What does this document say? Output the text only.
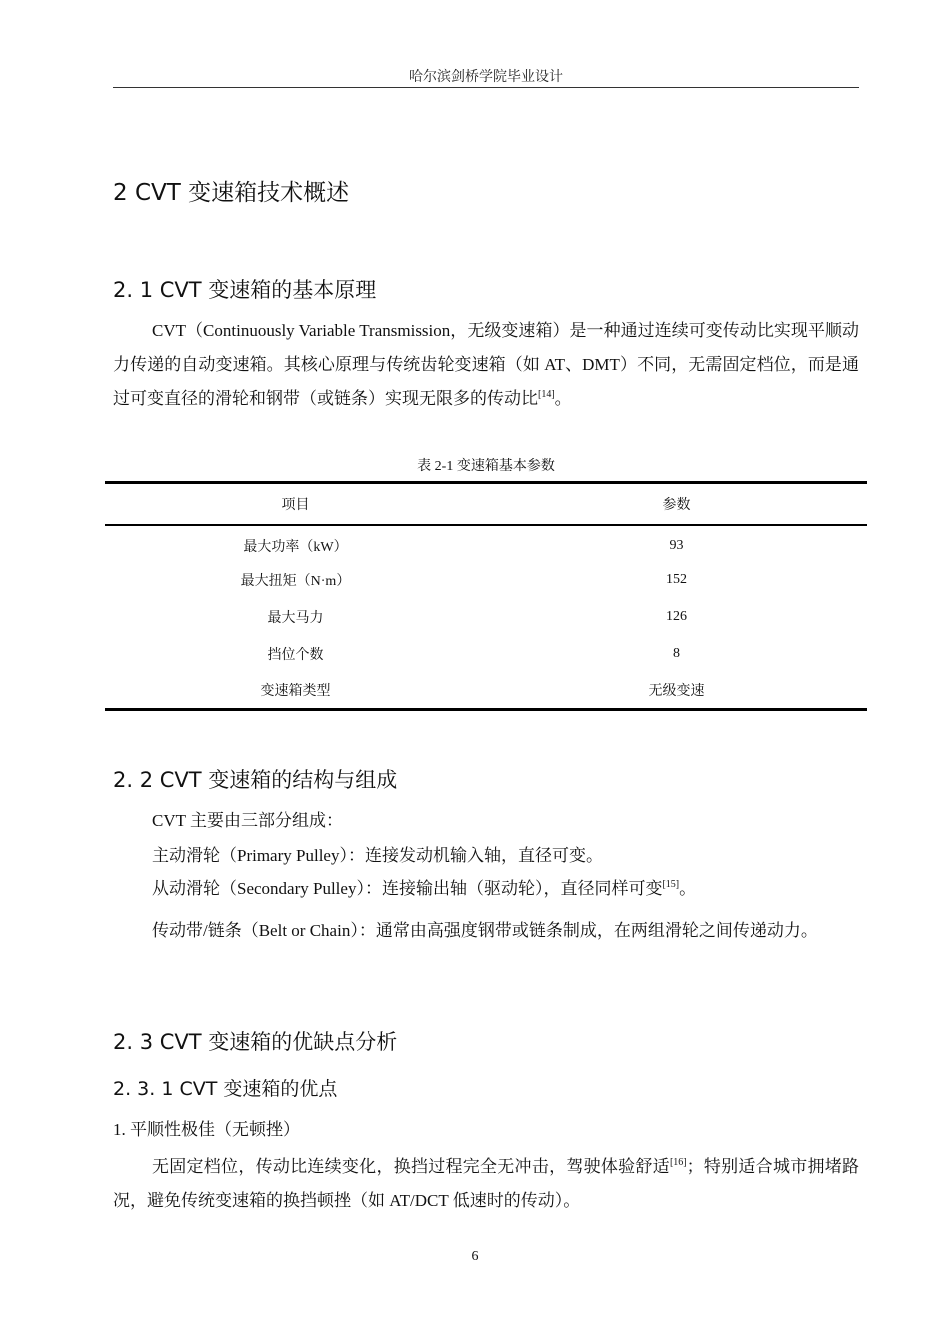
哈尔滨剑桥学院毕业设计
2 CVT 变速箱技术概述
2. 1 CVT 变速箱的基本原理

CVT（Continuously Variable Transmission，无级变速箱）是一种通过连续可变传动比实现平顺动力传递的自动变速箱。其核心原理与传统齿轮变速箱（如 AT、DMT）不同，无需固定档位，而是通过可变直径的滑轮和钢带（或链条）实现无限多的传动比[14]。

表 2-1 变速箱基本参数
项目	参数
最大功率（kW）	93
最大扭矩（N·m）	152
最大马力	126
挡位个数	8
变速箱类型	无级变速
2. 2 CVT 变速箱的结构与组成

CVT 主要由三部分组成：

主动滑轮（Primary Pulley）：连接发动机输入轴，直径可变。

从动滑轮（Secondary Pulley）：连接输出轴（驱动轮），直径同样可变[15]。

传动带/链条（Belt or Chain）：通常由高强度钢带或链条制成，在两组滑轮之间传递动力。

2. 3 CVT 变速箱的优缺点分析
2. 3. 1 CVT 变速箱的优点

1. 平顺性极佳（无顿挫）

无固定档位，传动比连续变化，换挡过程完全无冲击，驾驶体验舒适[16]；特别适合城市拥堵路况，避免传统变速箱的换挡顿挫（如 AT/DCT 低速时的传动）。

6
